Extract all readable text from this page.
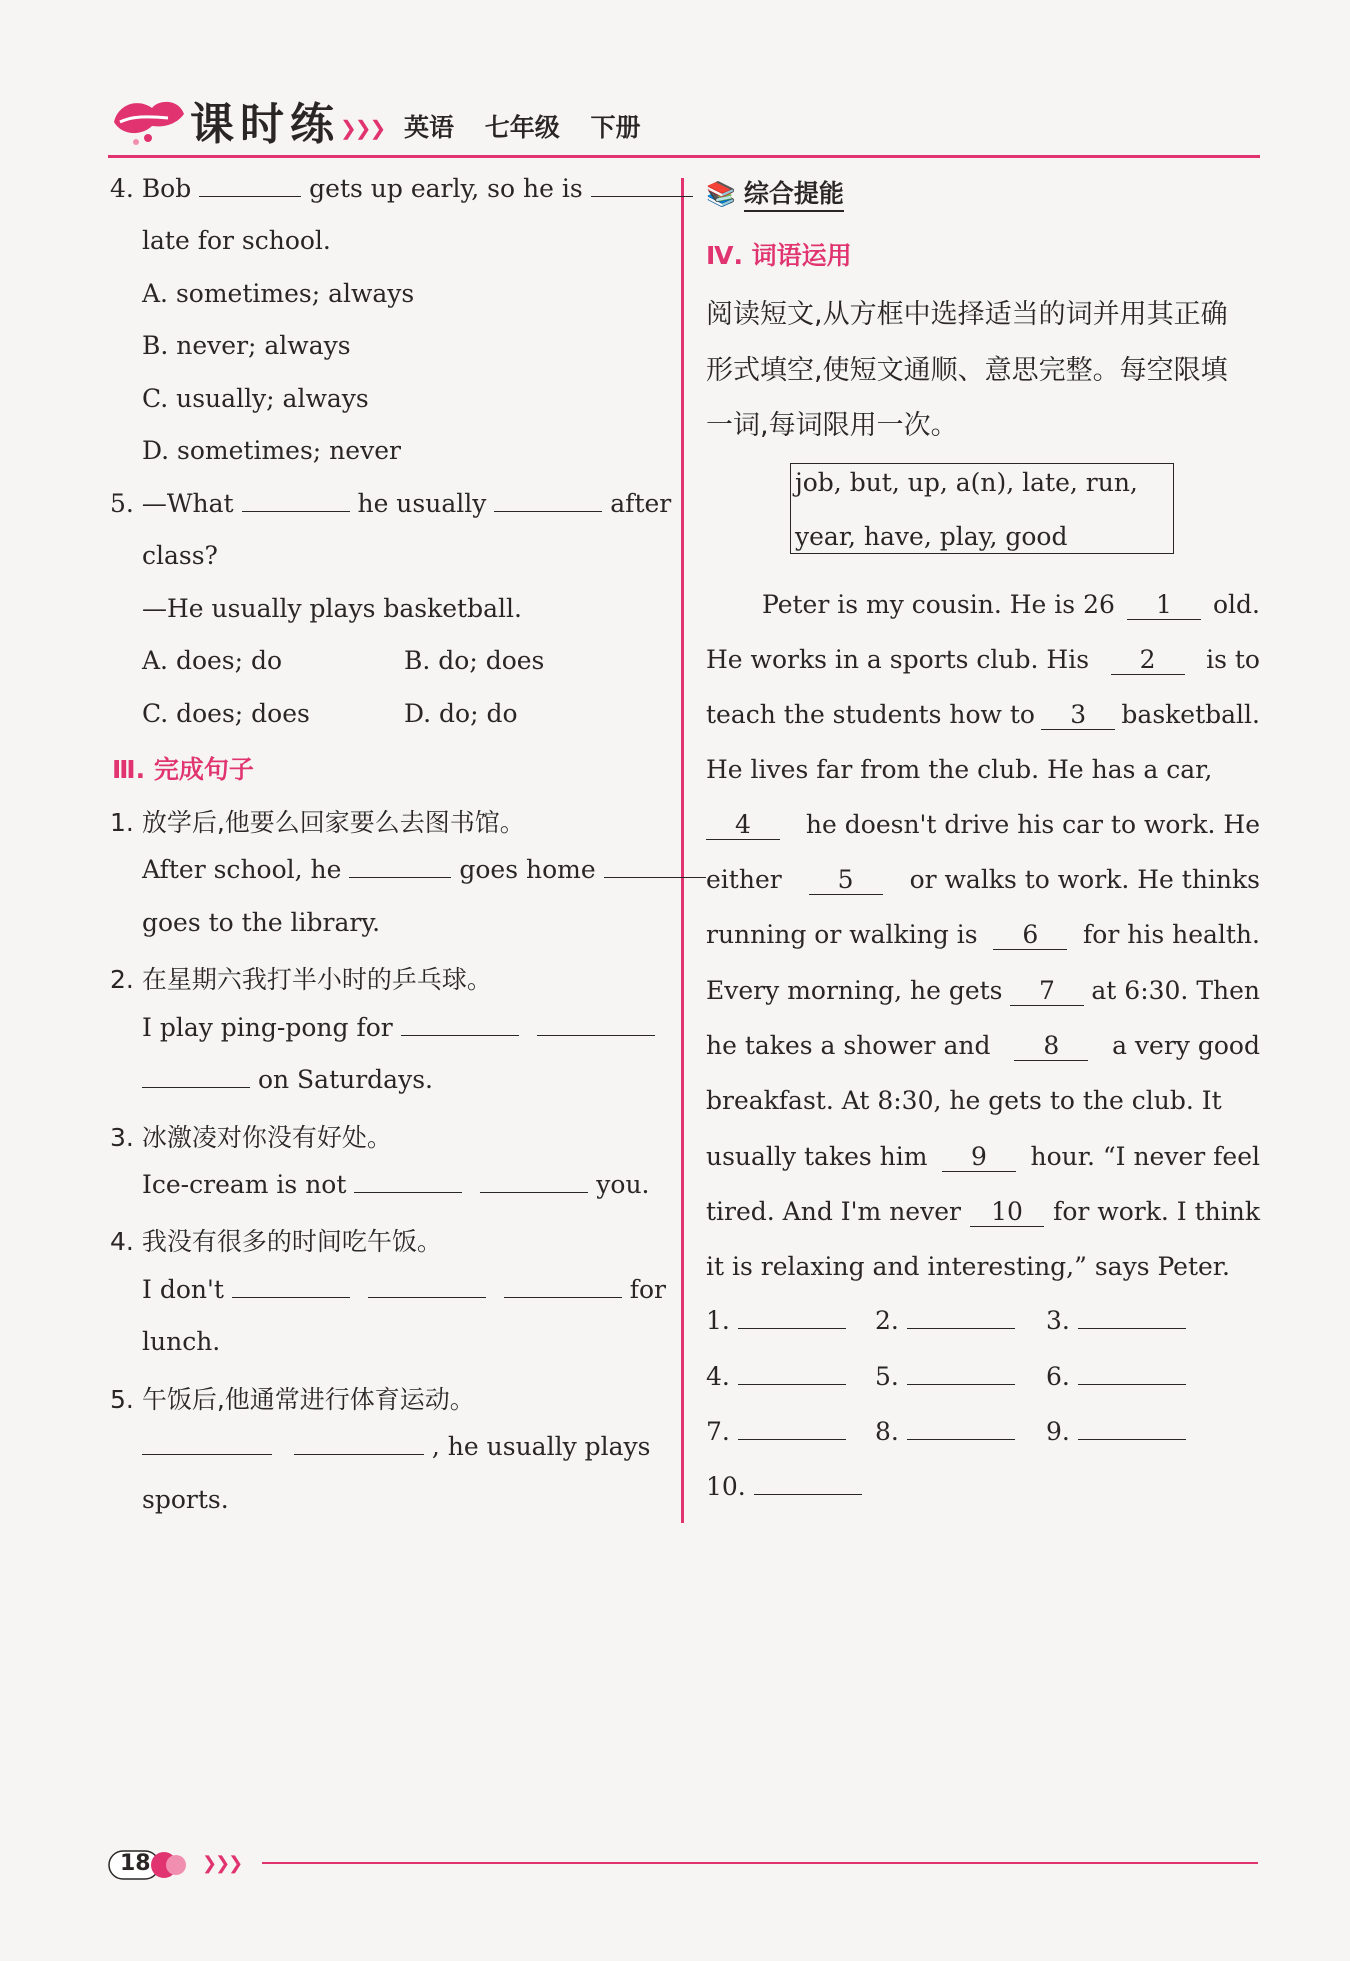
课时练 ❯❯❯ 英语 七年级 下册
4. Bob	gets up early, so he is
late for school.
A. sometimes; always
B. never; always
C. usually; always
D. sometimes; never
5. —What	he usually	after
class?
—He usually plays basketball.
A. does; do	B. do; does
C. does; does	D. do; do
Ⅲ. 完成句子
1. 放学后,他要么回家要么去图书馆。
After school, he	goes home
goes to the library.
2. 在星期六我打半小时的乒乓球。
I play ping-pong for
on Saturdays.
3. 冰激凌对你没有好处。
Ice-cream is not	you.
4. 我没有很多的时间吃午饭。
I don't	for
lunch.
5. 午饭后,他通常进行体育运动。
, he usually plays
sports.
📚 综合提能
Ⅳ. 词语运用
阅读短文,从方框中选择适当的词并用其正确
形式填空,使短文通顺、意思完整。每空限填
一词,每词限用一次。
job, but, up, a(n), late, run,
year, have, play, good
Peter is my cousin. He is 26	1	old.
He works in a sports club. His	2	is to
teach the students how to	3	basketball.
He lives far from the club. He has a car,
4	he doesn't drive his car to work. He
either	5	or walks to work. He thinks
running or walking is	6	for his health.
Every morning, he gets	7	at 6:30. Then
he takes a shower and	8	a very good
breakfast. At 8:30, he gets to the club. It
usually takes him	9	hour. “I never feel
tired. And I'm never	10	for work. I think
it is relaxing and interesting,” says Peter.
1.	2.	3.
4.	5.	6.
7.	8.	9.
10.
18	❯❯❯
